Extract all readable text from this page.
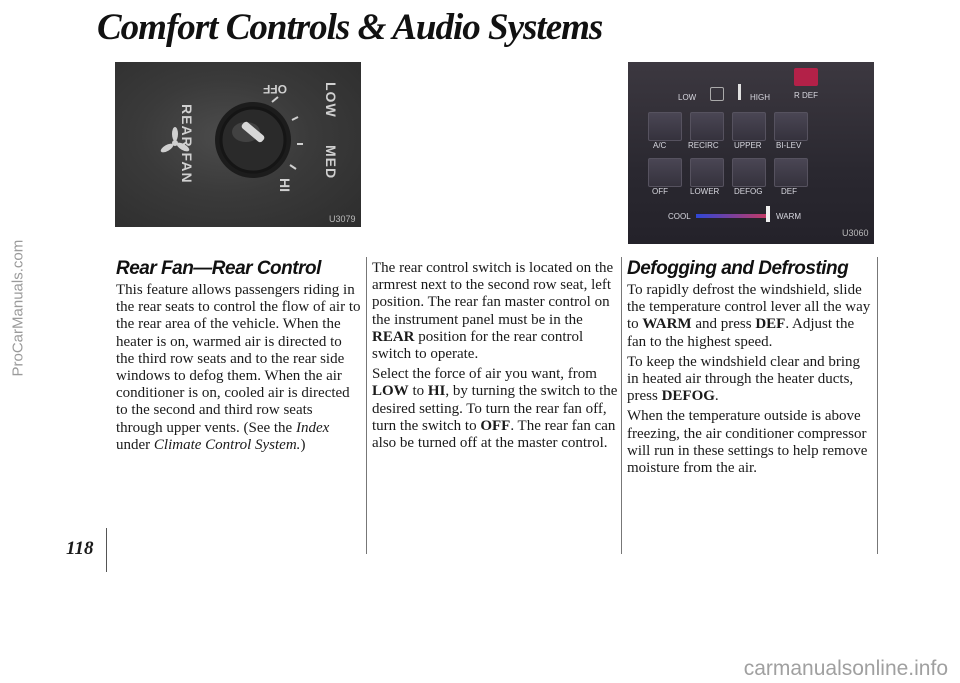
Comfort Controls & Audio Systems
ProCarManuals.com
REAR FAN
OFF	LOW
MED
HI
U3079
LOW	HIGH	R DEF
A/C	RECIRC UPPER BI-LEV
OFF	LOWER DEFOG DEF
COOL	WARM
U3060
Rear Fan—Rear Control

This feature allows passengers riding in the rear seats to control the flow of air to the rear area of the vehicle. When the heater is on, warmed air is directed to the third row seats and to the rear side windows to defog them. When the air conditioner is on, cooled air is directed to the second and third row seats through upper vents. (See the Index under Climate Control System.)

The rear control switch is located on the armrest next to the second row seat, left position. The rear fan master control on the instrument panel must be in the REAR position for the rear control switch to operate.

Select the force of air you want, from LOW to HI, by turning the switch to the desired setting. To turn the rear fan off, turn the switch to OFF. The rear fan can also be turned off at the master control.

Defogging and Defrosting

To rapidly defrost the windshield, slide the temperature control lever all the way to WARM and press DEF. Adjust the fan to the highest speed.

To keep the windshield clear and bring in heated air through the heater ducts, press DEFOG.

When the temperature outside is above freezing, the air conditioner compressor will run in these settings to help remove moisture from the air.

118
carmanualsonline.info
